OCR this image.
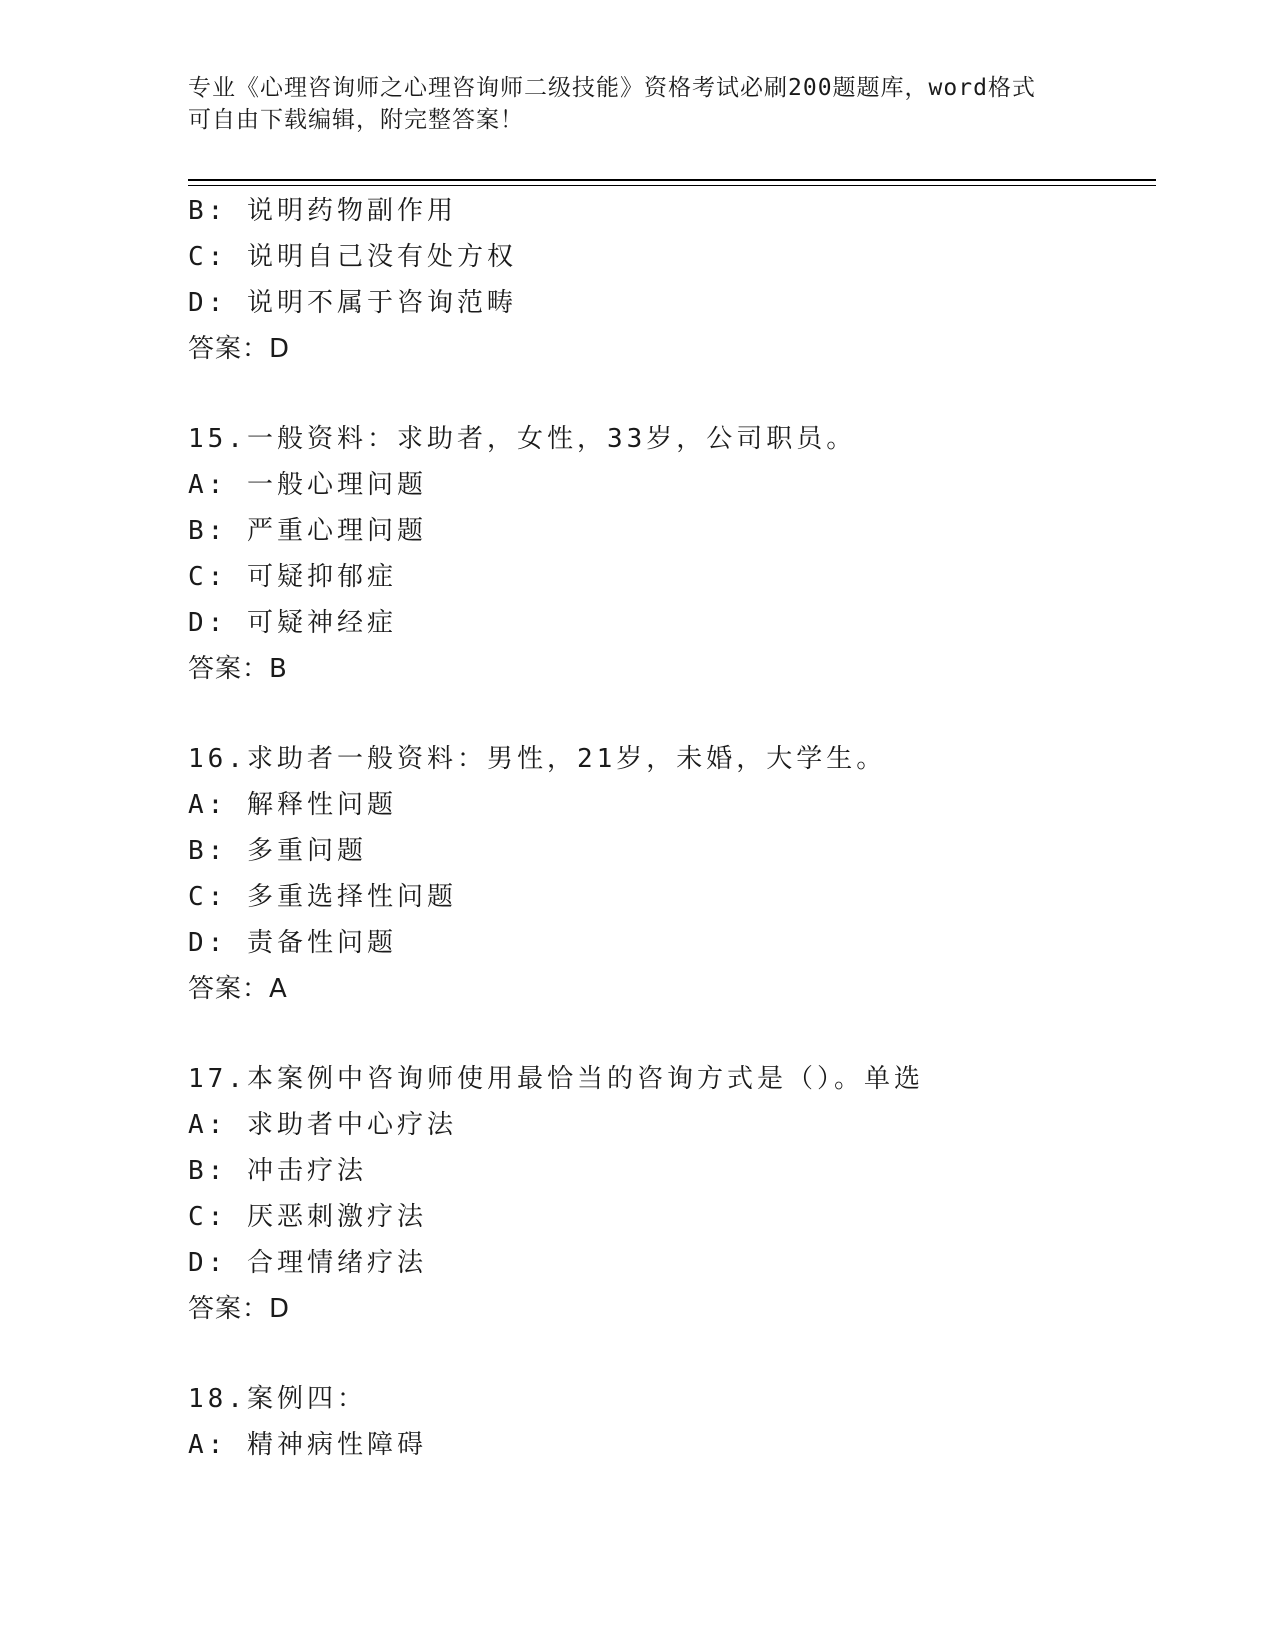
专业《心理咨询师之心理咨询师二级技能》资格考试必刷200题题库，word格式
可自由下载编辑，附完整答案！
B: 说明药物副作用
C: 说明自己没有处方权
D: 说明不属于咨询范畴
答案：D
15.一般资料：求助者，女性，33岁，公司职员。
A: 一般心理问题
B: 严重心理问题
C: 可疑抑郁症
D: 可疑神经症
答案：B
16.求助者一般资料：男性，21岁，未婚，大学生。
A: 解释性问题
B: 多重问题
C: 多重选择性问题
D: 责备性问题
答案：A
17.本案例中咨询师使用最恰当的咨询方式是（）。单选
A: 求助者中心疗法
B: 冲击疗法
C: 厌恶刺激疗法
D: 合理情绪疗法
答案：D
18.案例四：
A: 精神病性障碍
